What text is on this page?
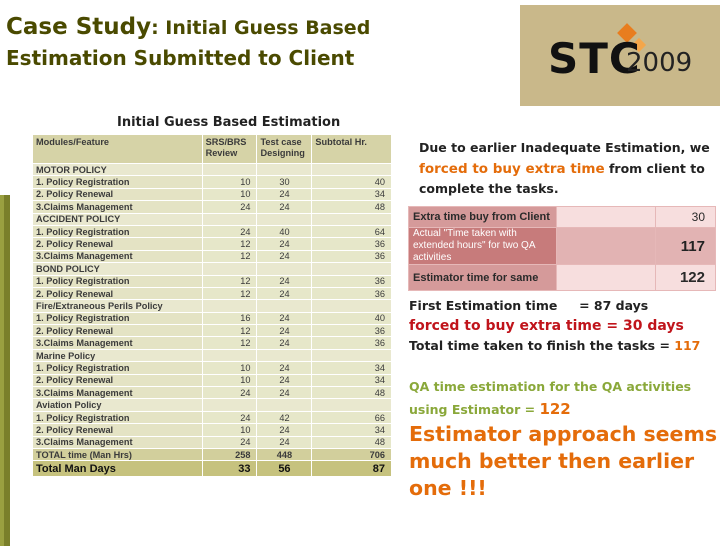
Case Study: Initial Guess Based
Estimation Submitted to Client	STC
2009
Initial Guess Based Estimation
Modules/Feature	SRS/BRS Review	Test case Designing	Subtotal Hr.
MOTOR POLICY			
1. Policy Registration	10	30	40
2. Policy Renewal	10	24	34
3.Claims Management	24	24	48
ACCIDENT POLICY			
1. Policy Registration	24	40	64
2. Policy Renewal	12	24	36
3.Claims Management	12	24	36
BOND POLICY			
1. Policy Registration	12	24	36
2. Policy Renewal	12	24	36
Fire/Extraneous Perils Policy			
1. Policy Registration	16	24	40
2. Policy Renewal	12	24	36
3.Claims Management	12	24	36
Marine Policy			
1. Policy Registration	10	24	34
2. Policy Renewal	10	24	34
3.Claims Management	24	24	48
Aviation Policy			
1. Policy Registration	24	42	66
2. Policy Renewal	10	24	34
3.Claims Management	24	24	48
TOTAL time (Man Hrs)	258	448	706
Total Man Days	33	56	87
Due to earlier Inadequate Estimation, we forced to buy extra time from client to complete the tasks.
Extra time buy from Client		30
Actual "Time taken with extended hours" for two QA activities		117
Estimator time for same		122
First Estimation time     = 87 days
forced to buy extra time = 30 days
Total time taken to finish the tasks = 117
QA time estimation for the QA activities using Estimator = 122
Estimator approach seems much better then earlier one !!!
